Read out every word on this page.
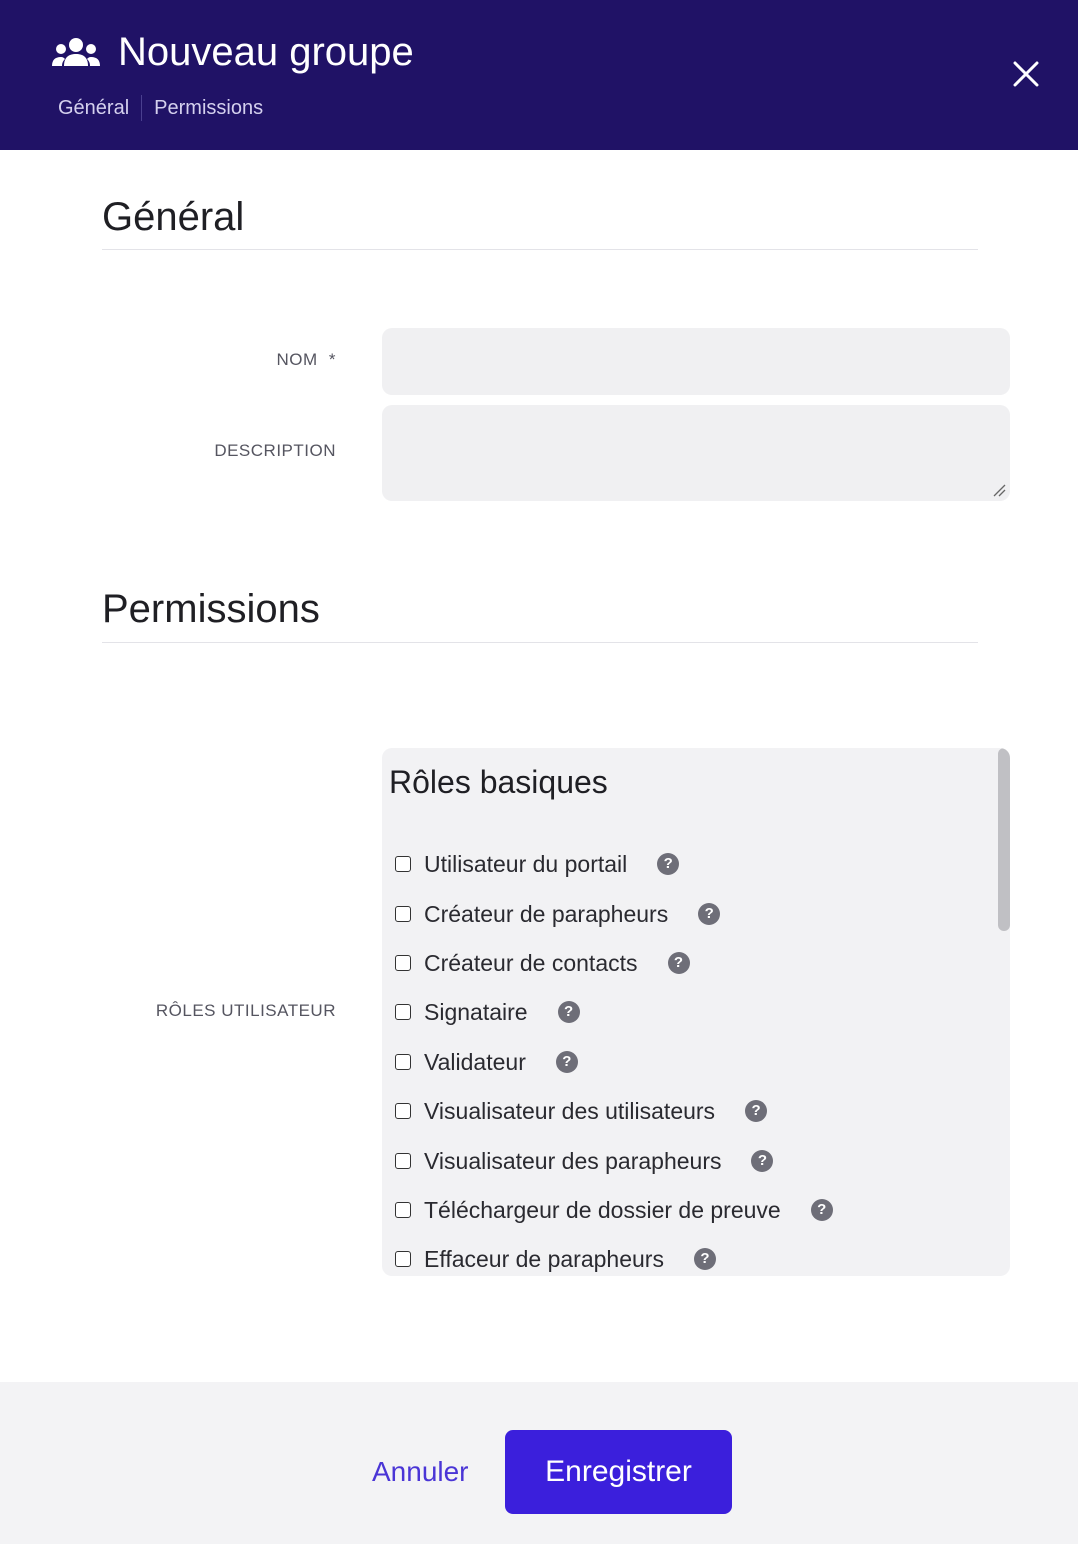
Nouveau groupe
Général Permissions
Général
NOM *
DESCRIPTION
Permissions
RÔLES UTILISATEUR
Rôles basiques
Utilisateur du portail	?
Créateur de parapheurs	?
Créateur de contacts	?
Signataire	?
Validateur	?
Visualisateur des utilisateurs	?
Visualisateur des parapheurs	?
Téléchargeur de dossier de preuve	?
Effaceur de parapheurs	?
Annuler	Enregistrer
